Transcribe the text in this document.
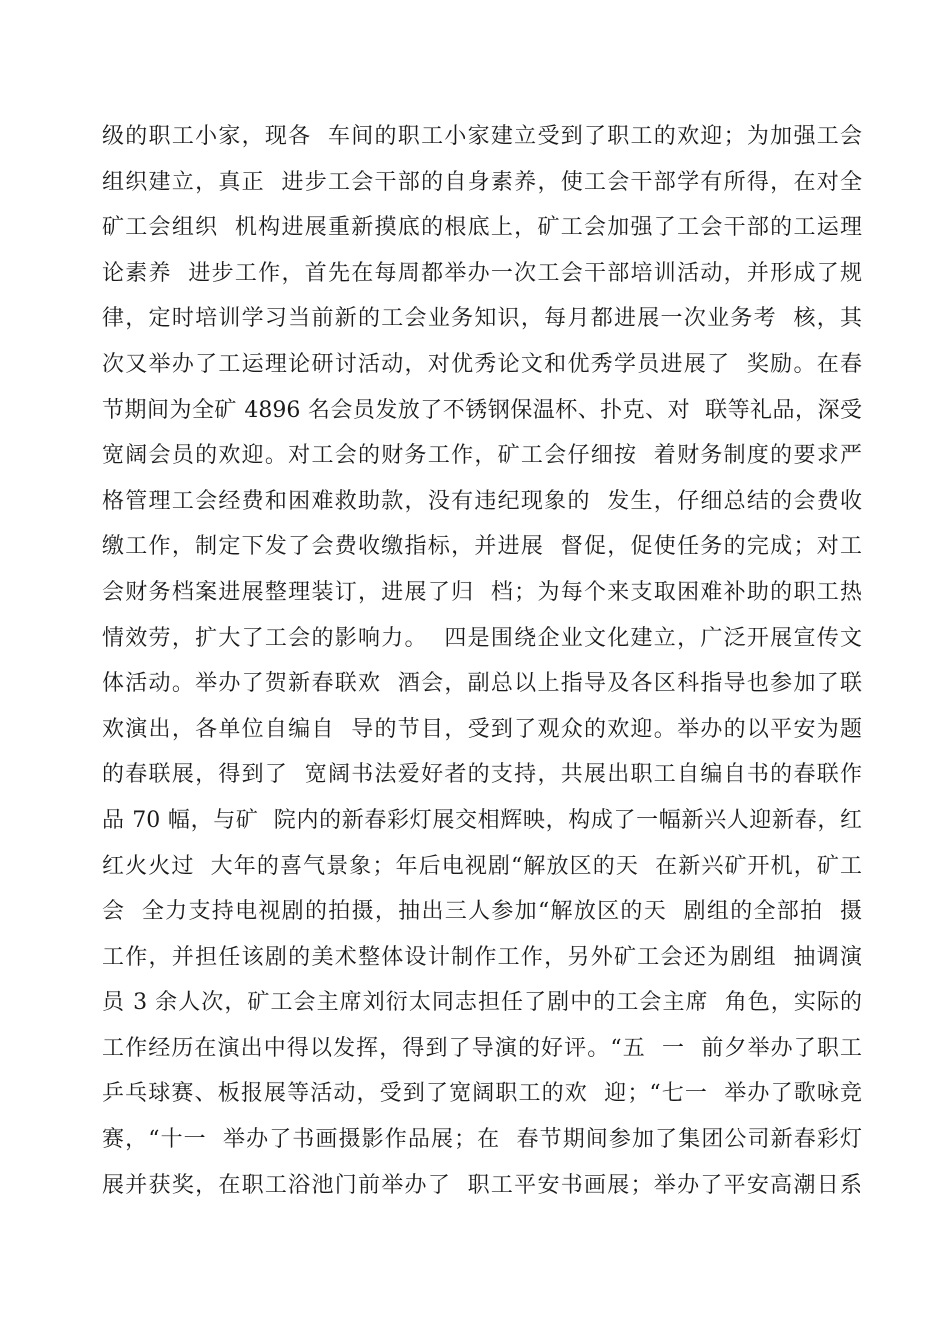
级的职工小家，现各  车间的职工小家建立受到了职工的欢迎；为加强工会
组织建立，真正  进步工会干部的自身素养，使工会干部学有所得，在对全
矿工会组织  机构进展重新摸底的根底上，矿工会加强了工会干部的工运理
论素养  进步工作，首先在每周都举办一次工会干部培训活动，并形成了规
律，定时培训学习当前新的工会业务知识，每月都进展一次业务考  核，其
次又举办了工运理论研讨活动，对优秀论文和优秀学员进展了  奖励。在春
节期间为全矿 4896 名会员发放了不锈钢保温杯、扑克、对  联等礼品，深受
宽阔会员的欢迎。对工会的财务工作，矿工会仔细按  着财务制度的要求严
格管理工会经费和困难救助款，没有违纪现象的  发生，仔细总结的会费收
缴工作，制定下发了会费收缴指标，并进展  督促，促使任务的完成；对工
会财务档案进展整理装订，进展了归  档；为每个来支取困难补助的职工热
情效劳，扩大了工会的影响力。  四是围绕企业文化建立，广泛开展宣传文
体活动。举办了贺新春联欢  酒会，副总以上指导及各区科指导也参加了联
欢演出，各单位自编自  导的节目，受到了观众的欢迎。举办的以平安为题
的春联展，得到了  宽阔书法爱好者的支持，共展出职工自编自书的春联作
品 70 幅，与矿  院内的新春彩灯展交相辉映，构成了一幅新兴人迎新春，红
红火火过  大年的喜气景象；年后电视剧“解放区的天  在新兴矿开机，矿工
会  全力支持电视剧的拍摄，抽出三人参加“解放区的天  剧组的全部拍  摄
工作，并担任该剧的美术整体设计制作工作，另外矿工会还为剧组  抽调演
员 3 余人次，矿工会主席刘衍太同志担任了剧中的工会主席  角色，实际的
工作经历在演出中得以发挥，得到了导演的好评。“五  一  前夕举办了职工
乒乓球赛、板报展等活动，受到了宽阔职工的欢  迎；“七一  举办了歌咏竞
赛，“十一  举办了书画摄影作品展；在  春节期间参加了集团公司新春彩灯
展并获奖，在职工浴池门前举办了  职工平安书画展；举办了平安高潮日系
